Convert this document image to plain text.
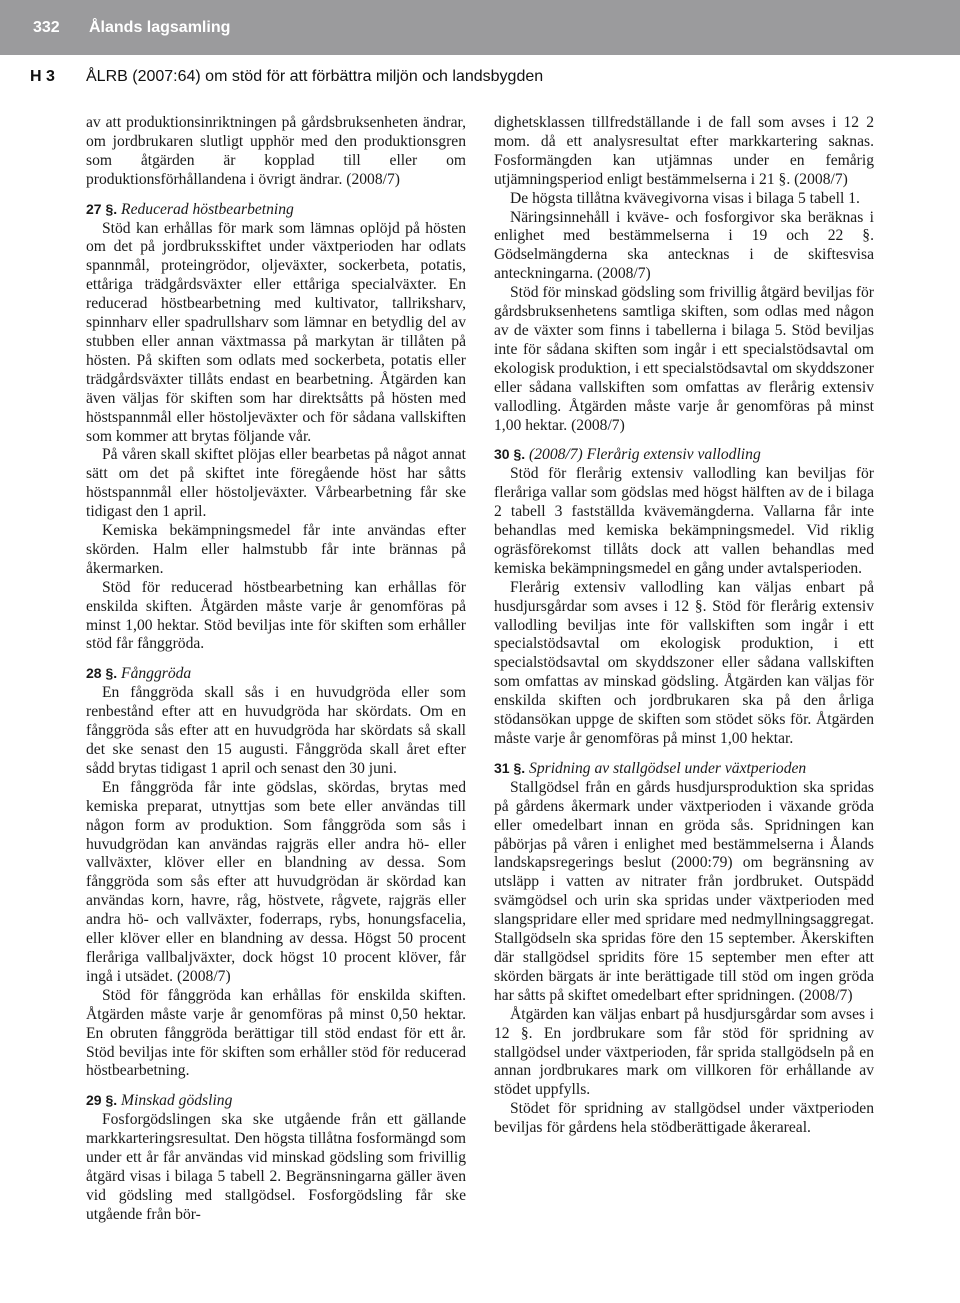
332 Ålands lagsamling
H 3 ÅLRB (2007:64) om stöd för att förbättra miljön och landsbygden

av att produktionsinriktningen på gårdsbruksenheten ändrar, om jordbrukaren slutligt upphör med den produktionsgren som åtgärden är kopplad till eller om produktionsförhållandena i övrigt ändrar. (2008/7)

27 §. Reducerad höstbearbetning

Stöd kan erhållas för mark som lämnas oplöjd på hösten om det på jordbruksskiftet under växtperioden har odlats spannmål, proteingrödor, oljeväxter, sockerbeta, potatis, ettåriga trädgårdsväxter eller ettåriga specialväxter. En reducerad höstbearbetning med kultivator, tallriksharv, spinnharv eller spadrullsharv som lämnar en betydlig del av stubben eller annan växtmassa på markytan är tillåten på hösten. På skiften som odlats med sockerbeta, potatis eller trädgårdsväxter tillåts endast en bearbetning. Åtgärden kan även väljas för skiften som har direktsåtts på hösten med höstspannmål eller höstoljeväxter och för sådana vallskiften som kommer att brytas följande vår.

På våren skall skiftet plöjas eller bearbetas på något annat sätt om det på skiftet inte föregående höst har såtts höstspannmål eller höstoljeväxter. Vårbearbetning får ske tidigast den 1 april.

Kemiska bekämpningsmedel får inte användas efter skörden. Halm eller halmstubb får inte brännas på åkermarken.

Stöd för reducerad höstbearbetning kan erhållas för enskilda skiften. Åtgärden måste varje år genomföras på minst 1,00 hektar. Stöd beviljas inte för skiften som erhåller stöd får fånggröda.

28 §. Fånggröda

En fånggröda skall sås i en huvudgröda eller som renbestånd efter att en huvudgröda har skördats. Om en fånggröda sås efter att en huvudgröda har skördats så skall det ske senast den 15 augusti. Fånggröda skall året efter sådd brytas tidigast 1 april och senast den 30 juni.

En fånggröda får inte gödslas, skördas, brytas med kemiska preparat, utnyttjas som bete eller användas till någon form av produktion. Som fånggröda som sås i huvudgrödan kan användas rajgräs eller andra hö- eller vallväxter, klöver eller en blandning av dessa. Som fånggröda som sås efter att huvudgrödan är skördad kan användas korn, havre, råg, höstvete, rågvete, rajgräs eller andra hö- och vallväxter, foderraps, rybs, honungsfacelia, eller klöver eller en blandning av dessa. Högst 50 procent fleråriga vallbaljväxter, dock högst 10 procent klöver, får ingå i utsädet. (2008/7)

Stöd för fånggröda kan erhållas för enskilda skiften. Åtgärden måste varje år genomföras på minst 0,50 hektar. En obruten fånggröda berättigar till stöd endast för ett år. Stöd beviljas inte för skiften som erhåller stöd för reducerad höstbearbetning.

29 §. Minskad gödsling

Fosforgödslingen ska ske utgående från ett gällande markkarteringsresultat. Den högsta tillåtna fosformängd som under ett år får användas vid minskad gödsling som frivillig åtgärd visas i bilaga 5 tabell 2. Begränsningarna gäller även vid gödsling med stallgödsel. Fosforgödsling får ske utgående från bör-

dighetsklassen tillfredställande i de fall som avses i 12 2 mom. då ett analysresultat efter markkartering saknas. Fosformängden kan utjämnas under en femårig utjämningsperiod enligt bestämmelserna i 21 §. (2008/7)

De högsta tillåtna kvävegivorna visas i bilaga 5 tabell 1.

Näringsinnehåll i kväve- och fosforgivor ska beräknas i enlighet med bestämmelserna i 19 och 22 §. Gödselmängderna ska antecknas i de skiftesvisa anteckningarna. (2008/7)

Stöd för minskad gödsling som frivillig åtgärd beviljas för gårdsbruksenhetens samtliga skiften, som odlas med någon av de växter som finns i tabellerna i bilaga 5. Stöd beviljas inte för sådana skiften som ingår i ett specialstödsavtal om ekologisk produktion, i ett specialstödsavtal om skyddszoner eller sådana vallskiften som omfattas av flerårig extensiv vallodling. Åtgärden måste varje år genomföras på minst 1,00 hektar. (2008/7)

30 §. (2008/7) Flerårig extensiv vallodling

Stöd för flerårig extensiv vallodling kan beviljas för fleråriga vallar som gödslas med högst hälften av de i bilaga 2 tabell 3 fastställda kvävemängderna. Vallarna får inte behandlas med kemiska bekämpningsmedel. Vid riklig ogräsförekomst tillåts dock att vallen behandlas med kemiska bekämpningsmedel en gång under avtalsperioden.

Flerårig extensiv vallodling kan väljas enbart på husdjursgårdar som avses i 12 §. Stöd för flerårig extensiv vallodling beviljas inte för vallskiften som ingår i ett specialstödsavtal om ekologisk produktion, i ett specialstödsavtal om skyddszoner eller sådana vallskiften som omfattas av minskad gödsling. Åtgärden kan väljas för enskilda skiften och jordbrukaren ska på den årliga stödansökan uppge de skiften som stödet söks för. Åtgärden måste varje år genomföras på minst 1,00 hektar.

31 §. Spridning av stallgödsel under växtperioden

Stallgödsel från en gårds husdjursproduktion ska spridas på gårdens åkermark under växtperioden i växande gröda eller omedelbart innan en gröda sås. Spridningen kan påbörjas på våren i enlighet med bestämmelserna i Ålands landskapsregerings beslut (2000:79) om begränsning av utsläpp i vatten av nitrater från jordbruket. Outspädd svämgödsel och urin ska spridas under växtperioden med slangspridare eller med spridare med nedmyllningsaggregat. Stallgödseln ska spridas före den 15 september. Åkerskiften där stallgödsel spridits före 15 september men efter att skörden bärgats är inte berättigade till stöd om ingen gröda har såtts på skiftet omedelbart efter spridningen. (2008/7)

Åtgärden kan väljas enbart på husdjursgårdar som avses i 12 §. En jordbrukare som får stöd för spridning av stallgödsel under växtperioden, får sprida stallgödseln på en annan jordbrukares mark om villkoren för erhållande av stödet uppfylls.

Stödet för spridning av stallgödsel under växtperioden beviljas för gårdens hela stödberättigade åkerareal.
